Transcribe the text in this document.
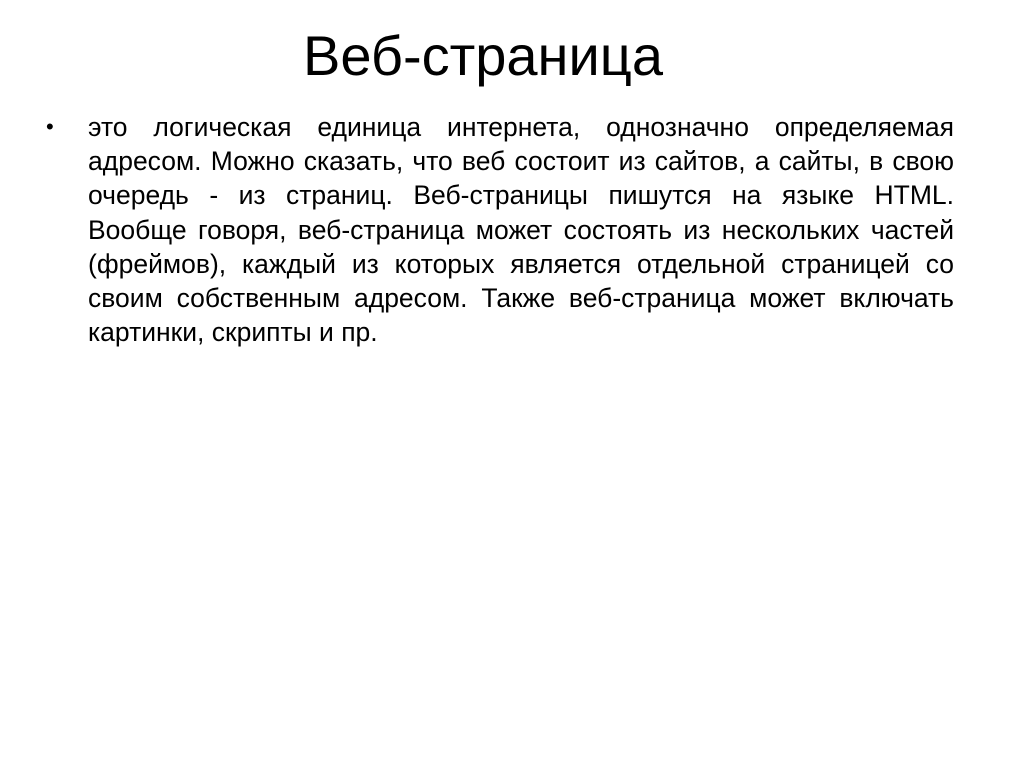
Веб-страница
• это логическая единица интернета, однозначно определяемая адресом. Можно сказать, что веб состоит из сайтов, а сайты, в свою очередь - из страниц. Веб-страницы пишутся на языке HTML. Вообще говоря, веб-страница может состоять из нескольких частей (фреймов), каждый из которых является отдельной страницей со своим собственным адресом. Также веб-страница может включать картинки, скрипты и пр.
